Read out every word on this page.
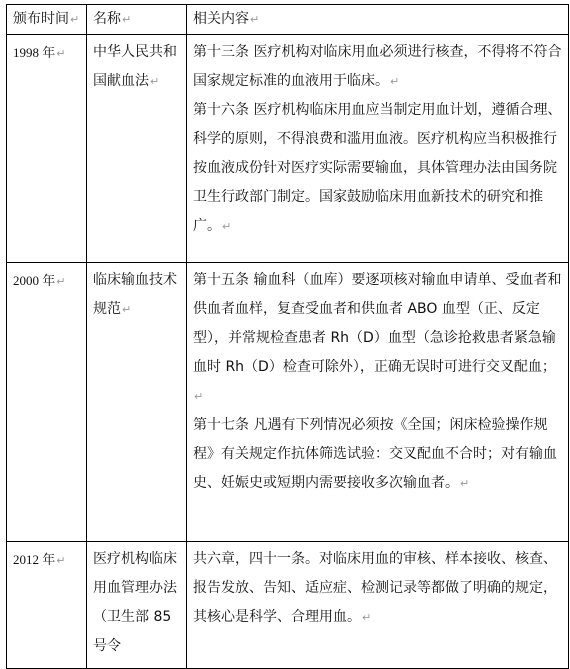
颁布时间↵	名称↵	相关内容↵
1998 年↵	中华人民共和国献血法↵	第十三条 医疗机构对临床用血必须进行核查，不得将不符合国家规定标准的血液用于临床。↵

第十六条 医疗机构临床用血应当制定用血计划，遵循合理、科学的原则，不得浪费和滥用血液。医疗机构应当积极推行按血液成份针对医疗实际需要输血，具体管理办法由国务院卫生行政部门制定。国家鼓励临床用血新技术的研究和推广。↵

2000 年↵	临床输血技术规范↵	第十五条 输血科（血库）要逐项核对输血申请单、受血者和供血者血样，复查受血者和供血者 ABO 血型（正、反定型），并常规检查患者 Rh（D）血型（急诊抢救患者紧急输血时 Rh（D）检查可除外），正确无误时可进行交叉配血；↵

第十七条 凡遇有下列情况必须按《全国；闲床检验操作规程》有关规定作抗体筛选试验：交叉配血不合时；对有输血史、妊娠史或短期内需要接收多次输血者。↵

2012 年↵	医疗机构临床用血管理办法（卫生部 85 号令	共六章，四十一条。对临床用血的审核、样本接收、核查、报告发放、告知、适应症、检测记录等都做了明确的规定，其核心是科学、合理用血。↵
